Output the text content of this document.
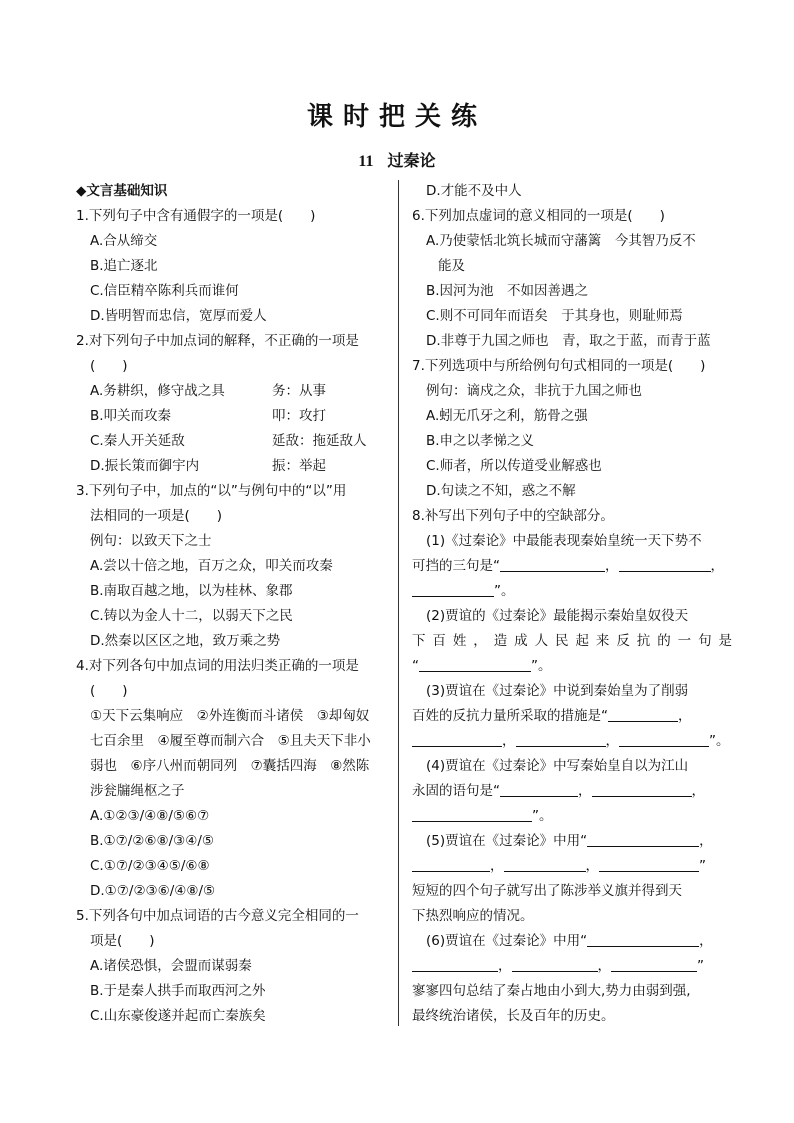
课时把关练
11 过秦论
◆文言基础知识
1.下列句子中含有通假字的一项是(　　)
A.合从缔交
B.追亡逐北
C.信臣精卒陈利兵而谁何
D.皆明智而忠信，宽厚而爱人
2.对下列句子中加点词的解释，不正确的一项是
(　　)
A.务耕织，修守战之具	务：从事
B.叩关而攻秦	叩：攻打
C.秦人开关延敌	延敌：拖延敌人
D.振长策而御宇内	振：举起
3.下列句子中，加点的“以”与例句中的“以”用
法相同的一项是(　　)
例句：以致天下之士
A.尝以十倍之地，百万之众，叩关而攻秦
B.南取百越之地，以为桂林、象郡
C.铸以为金人十二，以弱天下之民
D.然秦以区区之地，致万乘之势
4.对下列各句中加点词的用法归类正确的一项是
(　　)
①天下云集响应　②外连衡而斗诸侯　③却匈奴
七百余里　④履至尊而制六合　⑤且夫天下非小
弱也　⑥序八州而朝同列　⑦囊括四海　⑧然陈
涉瓮牖绳枢之子
A.①②③/④⑧/⑤⑥⑦
B.①⑦/②⑥⑧/③④/⑤
C.①⑦/②③④⑤/⑥⑧
D.①⑦/②③⑥/④⑧/⑤
5.下列各句中加点词语的古今意义完全相同的一
项是(　　)
A.诸侯恐惧，会盟而谋弱秦
B.于是秦人拱手而取西河之外
C.山东豪俊遂并起而亡秦族矣
D.才能不及中人
6.下列加点虚词的意义相同的一项是(　　)
A.乃使蒙恬北筑长城而守藩篱　今其智乃反不
能及
B.因河为池　不如因善遇之
C.则不可同年而语矣　于其身也，则耻师焉
D.非尊于九国之师也　青，取之于蓝，而青于蓝
7.下列选项中与所给例句句式相同的一项是(　　)
例句：谪戍之众，非抗于九国之师也
A.蚓无爪牙之利，筋骨之强
B.申之以孝悌之义
C.师者，所以传道受业解惑也
D.句读之不知，惑之不解
8.补写出下列句子中的空缺部分。
(1)《过秦论》中最能表现秦始皇统一天下势不
可挡的三句是“	，	，
”。
(2)贾谊的《过秦论》最能揭示秦始皇奴役天
下百姓，造成人民起来反抗的一句是
“	”。
(3)贾谊在《过秦论》中说到秦始皇为了削弱
百姓的反抗力量所采取的措施是“	，
，	，	”。
(4)贾谊在《过秦论》中写秦始皇自以为江山
永固的语句是“	，	，
”。
(5)贾谊在《过秦论》中用“	，
，	，	”
短短的四个句子就写出了陈涉举义旗并得到天
下热烈响应的情况。
(6)贾谊在《过秦论》中用“	，
，	，	”
寥寥四句总结了秦占地由小到大,势力由弱到强,
最终统治诸侯，长及百年的历史。
